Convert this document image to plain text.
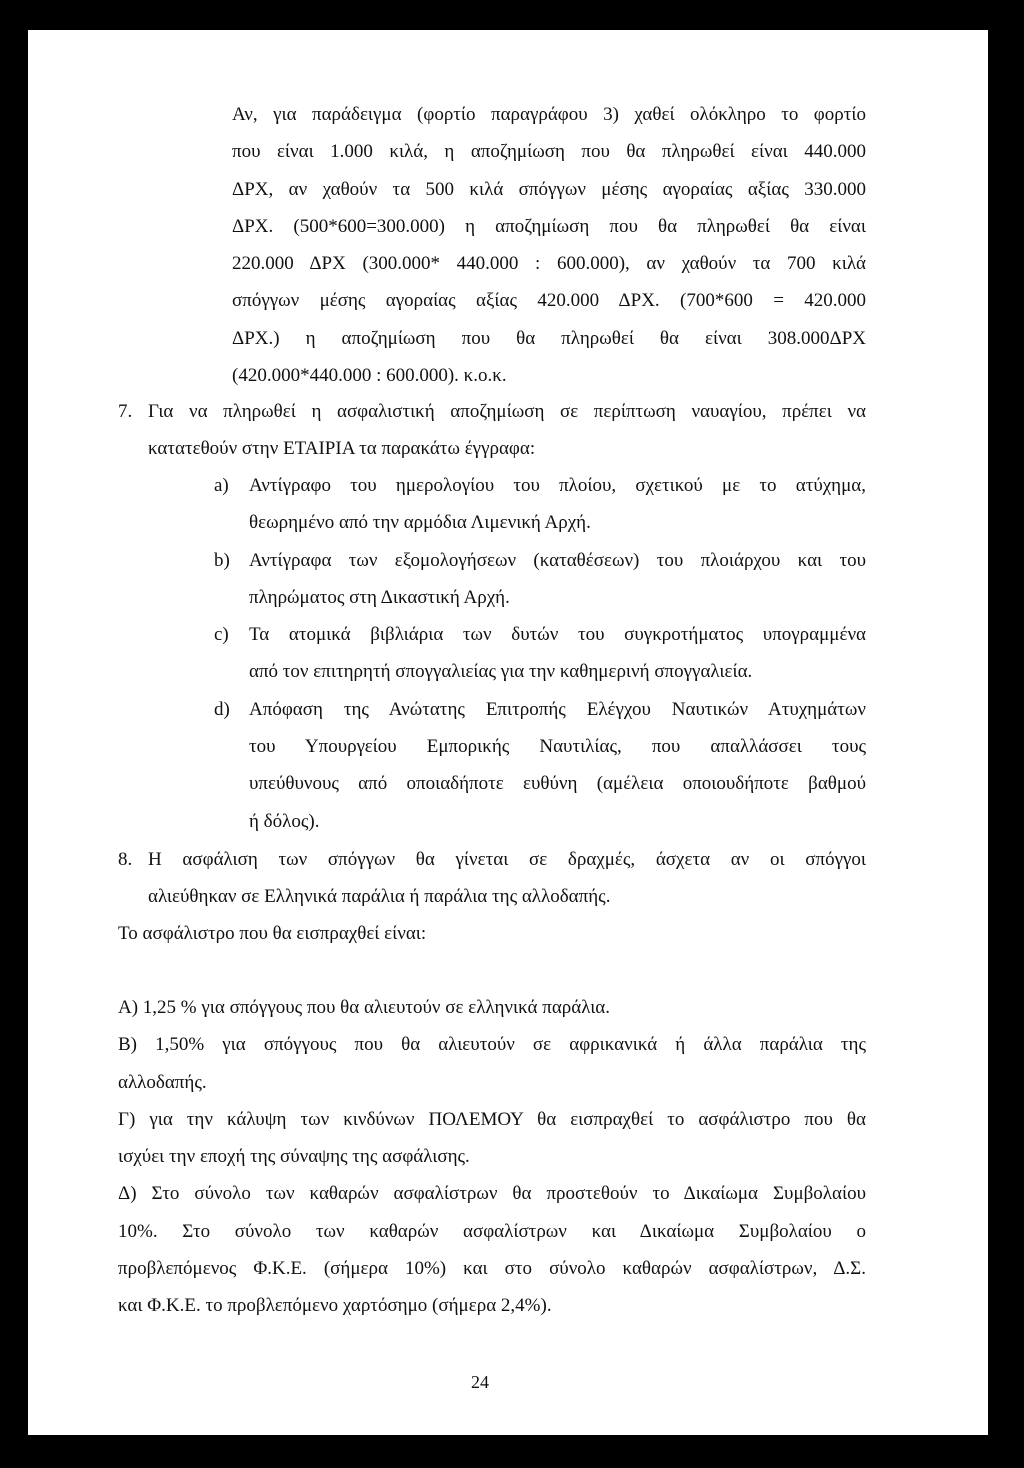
Αν, για παράδειγμα (φορτίο παραγράφου 3) χαθεί ολόκληρο το φορτίο
που είναι 1.000 κιλά, η αποζημίωση που θα πληρωθεί είναι 440.000
ΔΡΧ, αν χαθούν τα 500 κιλά σπόγγων μέσης αγοραίας αξίας 330.000
ΔΡΧ. (500*600=300.000) η αποζημίωση που θα πληρωθεί θα είναι
220.000 ΔΡΧ (300.000* 440.000 : 600.000), αν χαθούν τα 700 κιλά
σπόγγων μέσης αγοραίας αξίας 420.000 ΔΡΧ. (700*600 = 420.000
ΔΡΧ.) η αποζημίωση που θα πληρωθεί θα είναι 308.000ΔΡΧ
(420.000*440.000 : 600.000). κ.ο.κ.
7. Για να πληρωθεί η ασφαλιστική αποζημίωση σε περίπτωση ναυαγίου, πρέπει να
κατατεθούν στην ΕΤΑΙΡΙΑ τα παρακάτω έγγραφα:
a) Αντίγραφο του ημερολογίου του πλοίου, σχετικού με το ατύχημα,
θεωρημένο από την αρμόδια Λιμενική Αρχή.
b) Αντίγραφα των εξομολογήσεων (καταθέσεων) του πλοιάρχου και του
πληρώματος στη Δικαστική Αρχή.
c) Τα ατομικά βιβλιάρια των δυτών του συγκροτήματος υπογραμμένα
από τον επιτηρητή σπογγαλιείας για την καθημερινή σπογγαλιεία.
d) Απόφαση της Ανώτατης Επιτροπής Ελέγχου Ναυτικών Ατυχημάτων
του Υπουργείου Εμπορικής Ναυτιλίας, που απαλλάσσει τους
υπεύθυνους από οποιαδήποτε ευθύνη (αμέλεια οποιουδήποτε βαθμού
ή δόλος).
8. Η ασφάλιση των σπόγγων θα γίνεται σε δραχμές, άσχετα αν οι σπόγγοι
αλιεύθηκαν σε Ελληνικά παράλια ή παράλια της αλλοδαπής.
Το ασφάλιστρο που θα εισπραχθεί είναι:
Α) 1,25 % για σπόγγους που θα αλιευτούν σε ελληνικά παράλια.
Β) 1,50% για σπόγγους που θα αλιευτούν σε αφρικανικά ή άλλα παράλια της
αλλοδαπής.
Γ) για την κάλυψη των κινδύνων ΠΟΛΕΜΟΥ θα εισπραχθεί το ασφάλιστρο που θα
ισχύει την εποχή της σύναψης της ασφάλισης.
Δ) Στο σύνολο των καθαρών ασφαλίστρων θα προστεθούν το Δικαίωμα Συμβολαίου
10%. Στο σύνολο των καθαρών ασφαλίστρων και Δικαίωμα Συμβολαίου ο
προβλεπόμενος Φ.Κ.Ε. (σήμερα 10%) και στο σύνολο καθαρών ασφαλίστρων, Δ.Σ.
και Φ.Κ.Ε. το προβλεπόμενο χαρτόσημο (σήμερα 2,4%).
24
